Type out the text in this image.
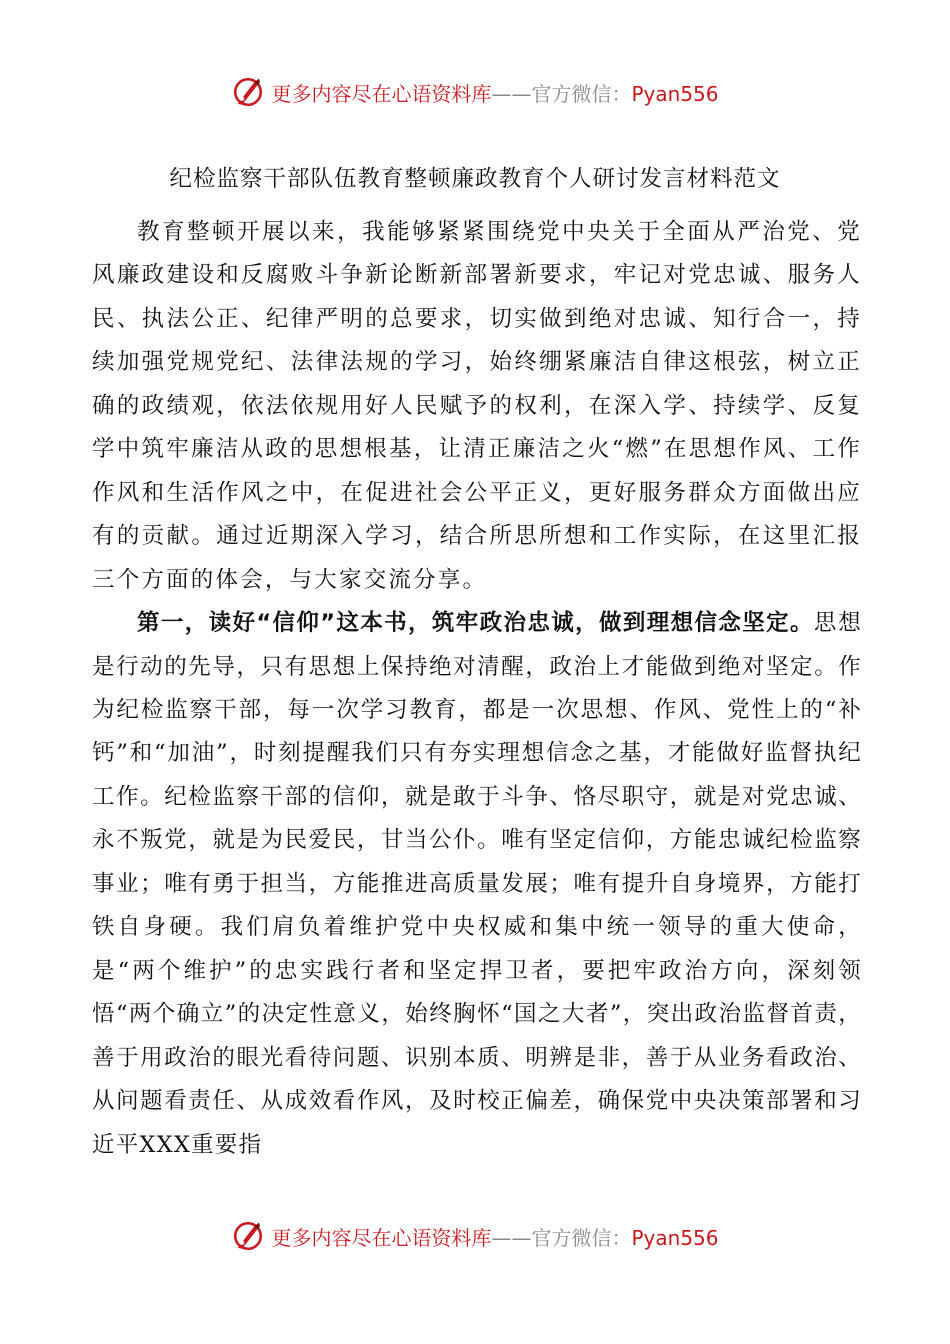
更多内容尽在心语资料库 —— 官方微信： Pyan556
纪检监察干部队伍教育整顿廉政教育个人研讨发言材料范文

教育整顿开展以来，我能够紧紧围绕党中央关于全面从严治党、党风廉政建设和反腐败斗争新论断新部署新要求，牢记对党忠诚、服务人民、执法公正、纪律严明的总要求，切实做到绝对忠诚、知行合一，持续加强党规党纪、法律法规的学习，始终绷紧廉洁自律这根弦，树立正确的政绩观，依法依规用好人民赋予的权利，在深入学、持续学、反复学中筑牢廉洁从政的思想根基，让清正廉洁之火“燃”在思想作风、工作作风和生活作风之中，在促进社会公平正义，更好服务群众方面做出应有的贡献。通过近期深入学习，结合所思所想和工作实际，在这里汇报三个方面的体会，与大家交流分享。

第一，读好“信仰”这本书，筑牢政治忠诚，做到理想信念坚定。思想是行动的先导，只有思想上保持绝对清醒，政治上才能做到绝对坚定。作为纪检监察干部，每一次学习教育，都是一次思想、作风、党性上的“补钙”和“加油”，时刻提醒我们只有夯实理想信念之基，才能做好监督执纪工作。纪检监察干部的信仰，就是敢于斗争、恪尽职守，就是对党忠诚、永不叛党，就是为民爱民，甘当公仆。唯有坚定信仰，方能忠诚纪检监察事业；唯有勇于担当，方能推进高质量发展；唯有提升自身境界，方能打铁自身硬。我们肩负着维护党中央权威和集中统一领导的重大使命，是“两个维护”的忠实践行者和坚定捍卫者，要把牢政治方向，深刻领悟“两个确立”的决定性意义，始终胸怀“国之大者”，突出政治监督首责，善于用政治的眼光看待问题、识别本质、明辨是非，善于从业务看政治、从问题看责任、从成效看作风，及时校正偏差，确保党中央决策部署和习近平XXX重要指

更多内容尽在心语资料库 —— 官方微信： Pyan556
